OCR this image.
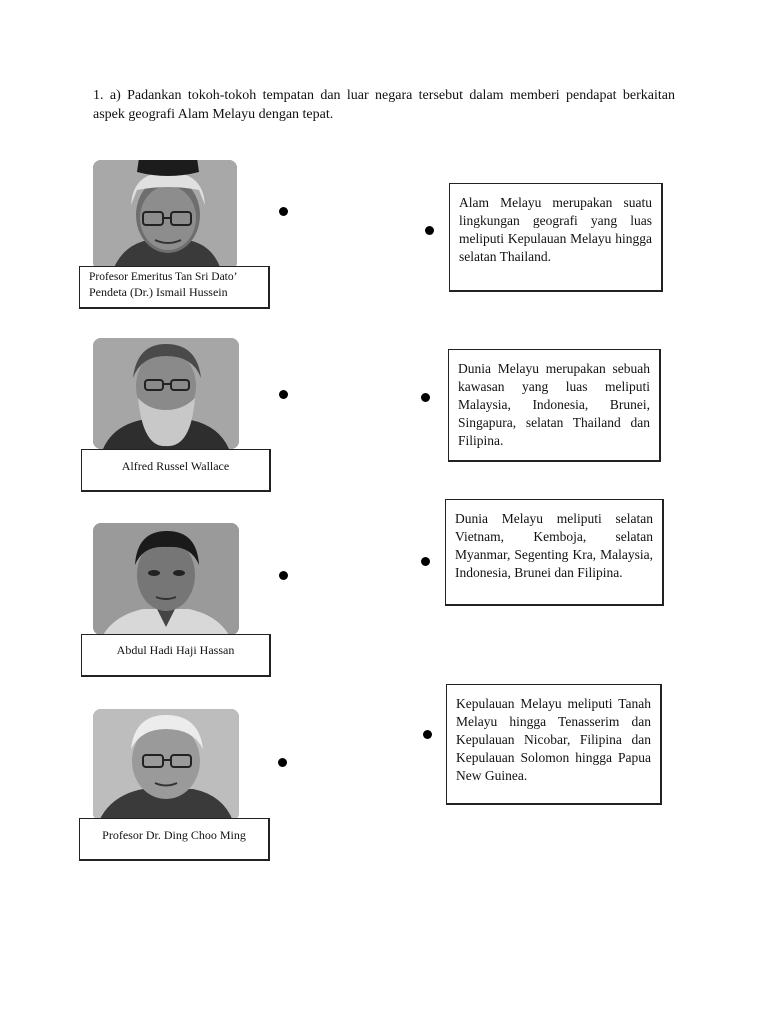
1. a) Padankan tokoh-tokoh tempatan dan luar negara tersebut dalam memberi pendapat berkaitan aspek geografi Alam Melayu dengan tepat.
Profesor Emeritus Tan Sri Dato’
Pendeta (Dr.) Ismail Hussein
Alam Melayu merupakan suatu lingkungan geografi yang luas meliputi Kepulauan Melayu hingga selatan Thailand.
Alfred Russel Wallace
Dunia Melayu merupakan sebuah kawasan yang luas meliputi Malaysia, Indonesia, Brunei, Singapura, selatan Thailand dan Filipina.
Abdul Hadi Haji Hassan
Dunia Melayu meliputi selatan Vietnam, Kemboja, selatan Myanmar, Segenting Kra, Malaysia, Indonesia, Brunei dan Filipina.
Profesor Dr. Ding Choo Ming
Kepulauan Melayu meliputi Tanah Melayu hingga Tenasserim dan Kepulauan Nicobar, Filipina dan Kepulauan Solomon hingga Papua New Guinea.
